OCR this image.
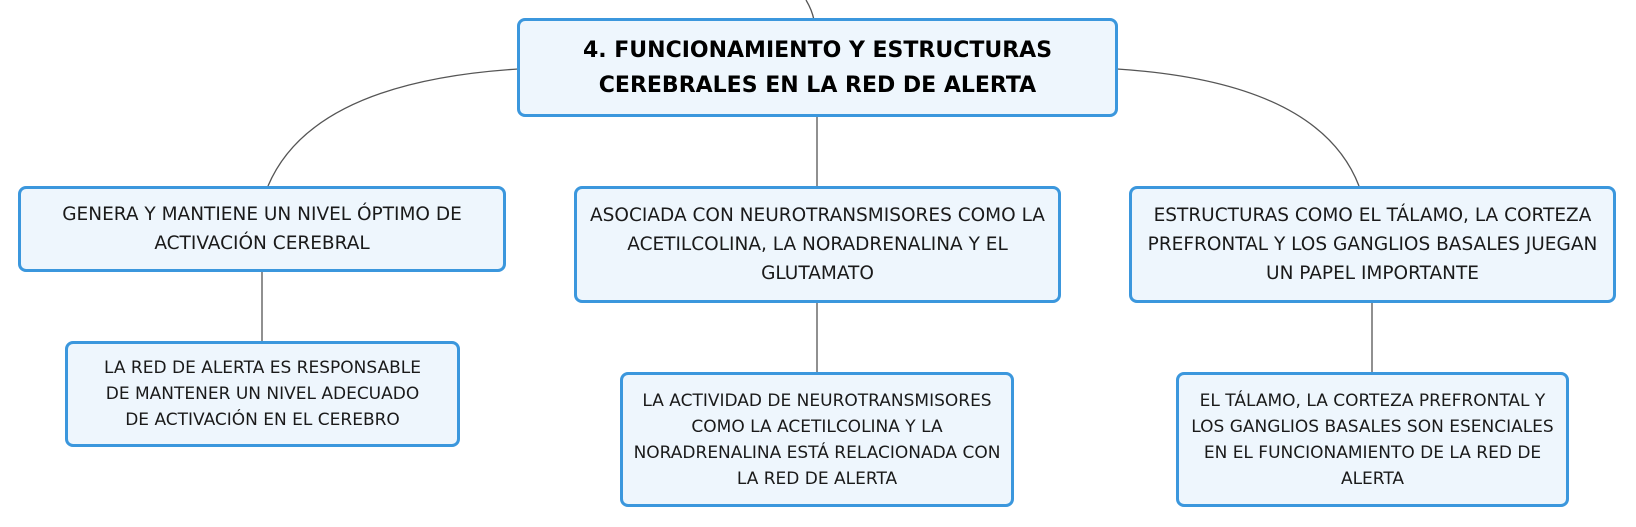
4. FUNCIONAMIENTO Y ESTRUCTURAS CEREBRALES EN LA RED DE ALERTA
GENERA Y MANTIENE UN NIVEL ÓPTIMO DE ACTIVACIÓN CEREBRAL
ASOCIADA CON NEUROTRANSMISORES COMO LA ACETILCOLINA, LA NORADRENALINA Y EL GLUTAMATO
ESTRUCTURAS COMO EL TÁLAMO, LA CORTEZA PREFRONTAL Y LOS GANGLIOS BASALES JUEGAN UN PAPEL IMPORTANTE
LA RED DE ALERTA ES RESPONSABLE DE MANTENER UN NIVEL ADECUADO DE ACTIVACIÓN EN EL CEREBRO
LA ACTIVIDAD DE NEUROTRANSMISORES COMO LA ACETILCOLINA Y LA NORADRENALINA ESTÁ RELACIONADA CON LA RED DE ALERTA
EL TÁLAMO, LA CORTEZA PREFRONTAL Y LOS GANGLIOS BASALES SON ESENCIALES EN EL FUNCIONAMIENTO DE LA RED DE ALERTA
